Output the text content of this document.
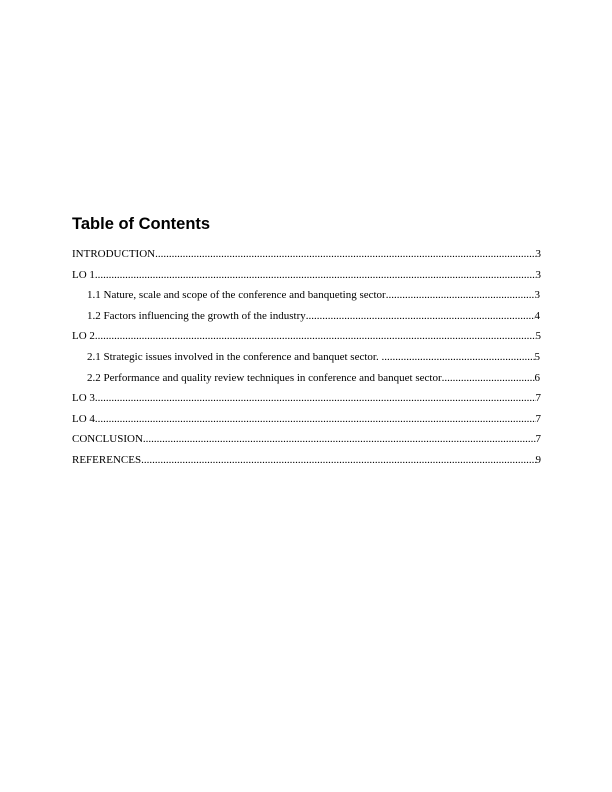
Table of Contents
INTRODUCTION .....	3
LO 1 .....	3
1.1 Nature, scale and scope of the conference and banqueting sector .....	3
1.2 Factors influencing the growth of the industry .....	4
LO 2 .....	5
2.1 Strategic issues involved in the conference and banquet sector. .....	5
2.2 Performance and quality review techniques in conference and banquet sector .....	6
LO 3 .....	7
LO 4 .....	7
CONCLUSION .....	7
REFERENCES .....	9
